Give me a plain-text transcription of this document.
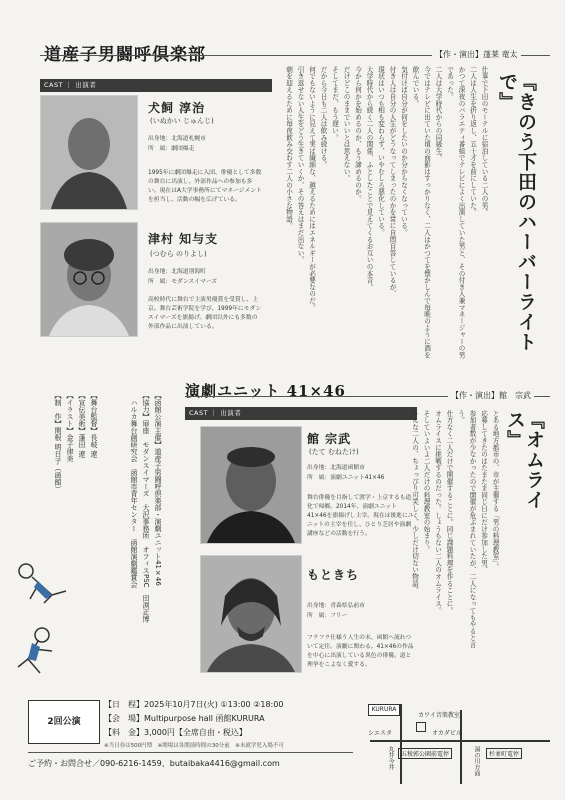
道産子男闘呼倶楽部	【作・演出】蓬莱 竜太
CAST ｜ 出演者
犬飼 淳治
(いぬかい じゅんじ)
出身地：北海道札幌市
所　属：劇団爆走
1995年に劇団爆走に入団、俳優として多数の舞台に出演し、外部作品への参加も多い。現在はA大学事務所にてマネージメントを担当し、活動の幅を広げている。
津村 知与支
(つむら のりよし)
出身地：北海道別海町
所　属：モダンスイマーズ
高校時代に舞台で主演男優賞を受賞し、上京。舞台芸術学院を学び、1999年にモダンスイマーズを旗揚げ。劇団以外にも多数の外部作品に出演している。	『きのう下田のハーバーライトで』
仕事で下田のモーテルに宿泊している二人の男。
二人は人生を折り返し、五十才を前にしていた。
かつて深夜のバラエティ番組でテレビによく出演していた男と、その付き人兼マネージャーの男であった。
二人は大学時代からの同級生。
今ではテレビに出ていた頃の面影はすっかりなく、二人はかつてを懐かしんで毎晩のように酒を飲んでいる。
気付けば自分が何をしたいのか分からなくなっている。
付き人は自分の人生がどうなってしまったのかを常に自問自答しているが、
現状はいつも相も変わらず、いやむしろ悪化している。
大学時代から続く二人の関係、ふとしたことで見えてくるお互いの本音。
今から何かを始めるのか、もう諦めるのか。
だけどこのままでいいとは思えない。
そしてまだ、もう遅い。
だから今日も二人は飲み続ける。
何でもないように見えて実は繊細な、越えるためにはエネルギーが必要なのだ。
引き返せない人生をどう生きていくか、その答えはまだ出ない。
朝を迎えるために毎夜飲み交わす二人の小さな物語。
演劇ユニット 41×46	【作・演出】館　宗武
CAST ｜ 出演者
館 宗武
(たて むねたけ)
出身地：北海道函館市
所　属：演劇ユニット41×46
舞台俳優を目指して渡学・上京するも道化で帰郷。2014年、演劇ユニット41×46を旗揚げし主宰。現在は後進にユニットの主宰を任し、ひとり芝居や演劇講座などの活動を行う。
もときち
出身地：青森県弘前市
所　属：フリー
フラフラ仕様う人生の末、函館へ流れついて定住。演劇に関わる。41×46の作品を中心に出演している異色の俳優。道と理挙をこよなく愛する。
『オムライス』
とある地方都市の、市が主催する「男の料理教室」。
応募してきたのはたまたま同じ日にだけ参加した男、
参加者数が少なかったので開催が危ぶまれていたが、二人になってもやると言う。
仕方なく二人だけで開催することに。同じ課題料理を作ることに。
オムライスに挑戦するのだった。しょうもない二人のオムライス。
そしていよいよ二人だけの料理教室の始まり。
そんな二人の、ちょっぴり可笑しく、少しだけ切ない物語。
【舞台監督】長岐 遼
【宣伝美術】蓬田 遼
【イラスト】金子律美
【制　作】関根 明日子（函館）	【函館公演主催】道産子男闘呼倶楽部・演劇ユニット41×46
【協力】扉座　モダンスイマーズ　大沢事務所　オフィスPSC　田渕正博
　ハルカ舞台創研究会　函館市青年センター　函館演劇鑑賞会
2回公演
【日　程】2025年10月7日(火) ①13:00 ②18:00
【会　場】Multipurpose hall 函館KURURA
【料　金】3,000円【全席自由・税込】
※当日券は500円増　※開場は各開演時間の30分前　※未就学児入場不可
ご予約・お問合せ／090-6216-1459、butaibaka4416@gmail.com
KURURA
カワイ音楽教室
オカダビル
シエスタ
五稜郭公園前電停	杉並町電停
丸井今井	湯の川方面
